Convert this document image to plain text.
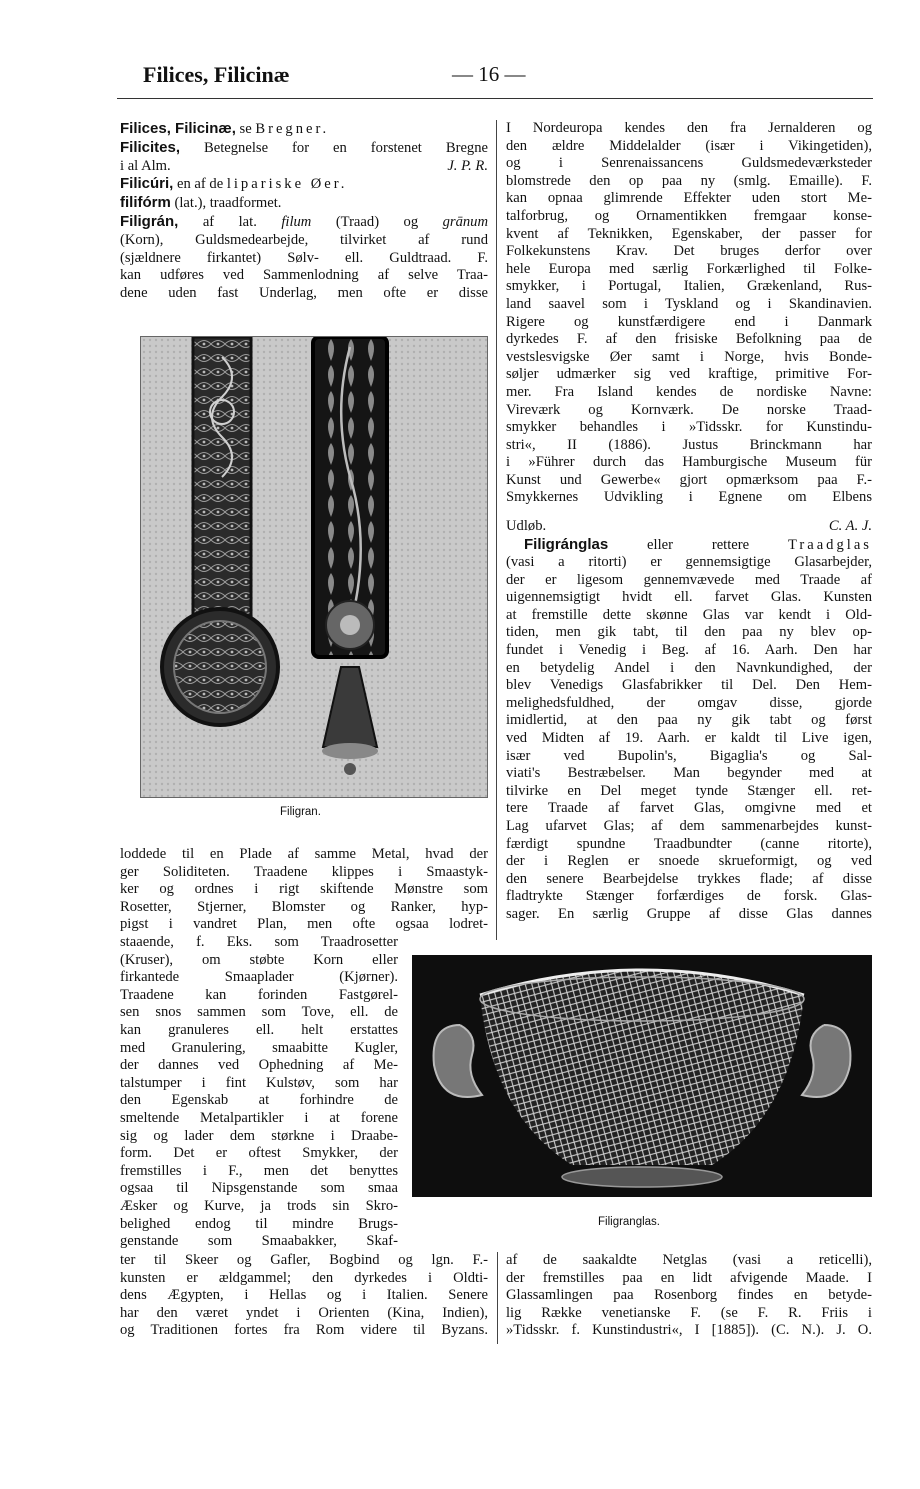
Filices, Filicinæ	— 16 —
Filices, Filicinæ, se Bregner.
Filicites, Betegnelse for en forstenet Bregne
i al Alm.	J. P. R.
Filicúri, en af de lipariske Øer.
filifórm (lat.), traadformet.
Filigrán, af lat. filum (Traad) og grānum
(Korn), Guldsmedearbejde, tilvirket af rund
(sjældnere firkantet) Sølv- ell. Guldtraad. F.
kan udføres ved Sammenlodning af selve Traa-
dene uden fast Underlag, men ofte er disse
Filigran.
loddede til en Plade af samme Metal, hvad der
ger Soliditeten. Traadene klippes i Smaastyk-
ker og ordnes i rigt skiftende Mønstre som
Rosetter, Stjerner, Blomster og Ranker, hyp-
pigst i vandret Plan, men ofte ogsaa lodret-
staaende, f. Eks. som Traadrosetter
(Kruser), om støbte Korn eller
firkantede Smaaplader (Kjørner).
Traadene kan forinden Fastgørel-
sen snos sammen som Tove, ell. de
kan granuleres ell. helt erstattes
med Granulering, smaabitte Kugler,
der dannes ved Ophedning af Me-
talstumper i fint Kulstøv, som har
den Egenskab at forhindre de
smeltende Metalpartikler i at forene
sig og lader dem størkne i Draabe-
form. Det er oftest Smykker, der
fremstilles i F., men det benyttes
ogsaa til Nipsgenstande som smaa
Æsker og Kurve, ja trods sin Skro-
belighed endog til mindre Brugs-
genstande som Smaabakker, Skaf-
ter til Skeer og Gafler, Bogbind og lgn. F.-
kunsten er ældgammel; den dyrkedes i Oldti-
dens Ægypten, i Hellas og i Italien. Senere
har den været yndet i Orienten (Kina, Indien),
og Traditionen fortes fra Rom videre til Byzans.
I Nordeuropa kendes den fra Jernalderen og
den ældre Middelalder (især i Vikingetiden),
og i Senrenaissancens Guldsmedeværksteder
blomstrede den op paa ny (smlg. Emaille). F.
kan opnaa glimrende Effekter uden stort Me-
talforbrug, og Ornamentikken fremgaar konse-
kvent af Teknikken, Egenskaber, der passer for
Folkekunstens Krav. Det bruges derfor over
hele Europa med særlig Forkærlighed til Folke-
smykker, i Portugal, Italien, Grækenland, Rus-
land saavel som i Tyskland og i Skandinavien.
Rigere og kunstfærdigere end i Danmark
dyrkedes F. af den frisiske Befolkning paa de
vestslesvigske Øer samt i Norge, hvis Bonde-
søljer udmærker sig ved kraftige, primitive For-
mer. Fra Island kendes de nordiske Navne:
Vireværk og Kornværk. De norske Traad-
smykker behandles i »Tidsskr. for Kunstindu-
stri«, II (1886). Justus Brinckmann har
i »Führer durch das Hamburgische Museum für
Kunst und Gewerbe« gjort opmærksom paa F.-
Smykkernes Udvikling i Egnene om Elbens
Udløb.	C. A. J.
Filigránglas eller rettere Traadglas
(vasi a ritorti) er gennemsigtige Glasarbejder,
der er ligesom gennemvævede med Traade af
uigennemsigtigt hvidt ell. farvet Glas. Kunsten
at fremstille dette skønne Glas var kendt i Old-
tiden, men gik tabt, til den paa ny blev op-
fundet i Venedig i Beg. af 16. Aarh. Den har
en betydelig Andel i den Navnkundighed, der
blev Venedigs Glasfabrikker til Del. Den Hem-
melighedsfuldhed, der omgav disse, gjorde
imidlertid, at den paa ny gik tabt og først
ved Midten af 19. Aarh. er kaldt til Live igen,
især ved Bupolin's, Bigaglia's og Sal-
viati's Bestræbelser. Man begynder med at
tilvirke en Del meget tynde Stænger ell. ret-
tere Traade af farvet Glas, omgivne med et
Lag ufarvet Glas; af dem sammenarbejdes kunst-
færdigt spundne Traadbundter (canne ritorte),
der i Reglen er snoede skrueformigt, og ved
den senere Bearbejdelse trykkes flade; af disse
fladtrykte Stænger forfærdiges de forsk. Glas-
sager. En særlig Gruppe af disse Glas dannes
Filigranglas.
af de saakaldte Netglas (vasi a reticelli),
der fremstilles paa en lidt afvigende Maade. I
Glassamlingen paa Rosenborg findes en betyde-
lig Række venetianske F. (se F. R. Friis i
»Tidsskr. f. Kunstindustri«, I [1885]). (C. N.). J. O.
